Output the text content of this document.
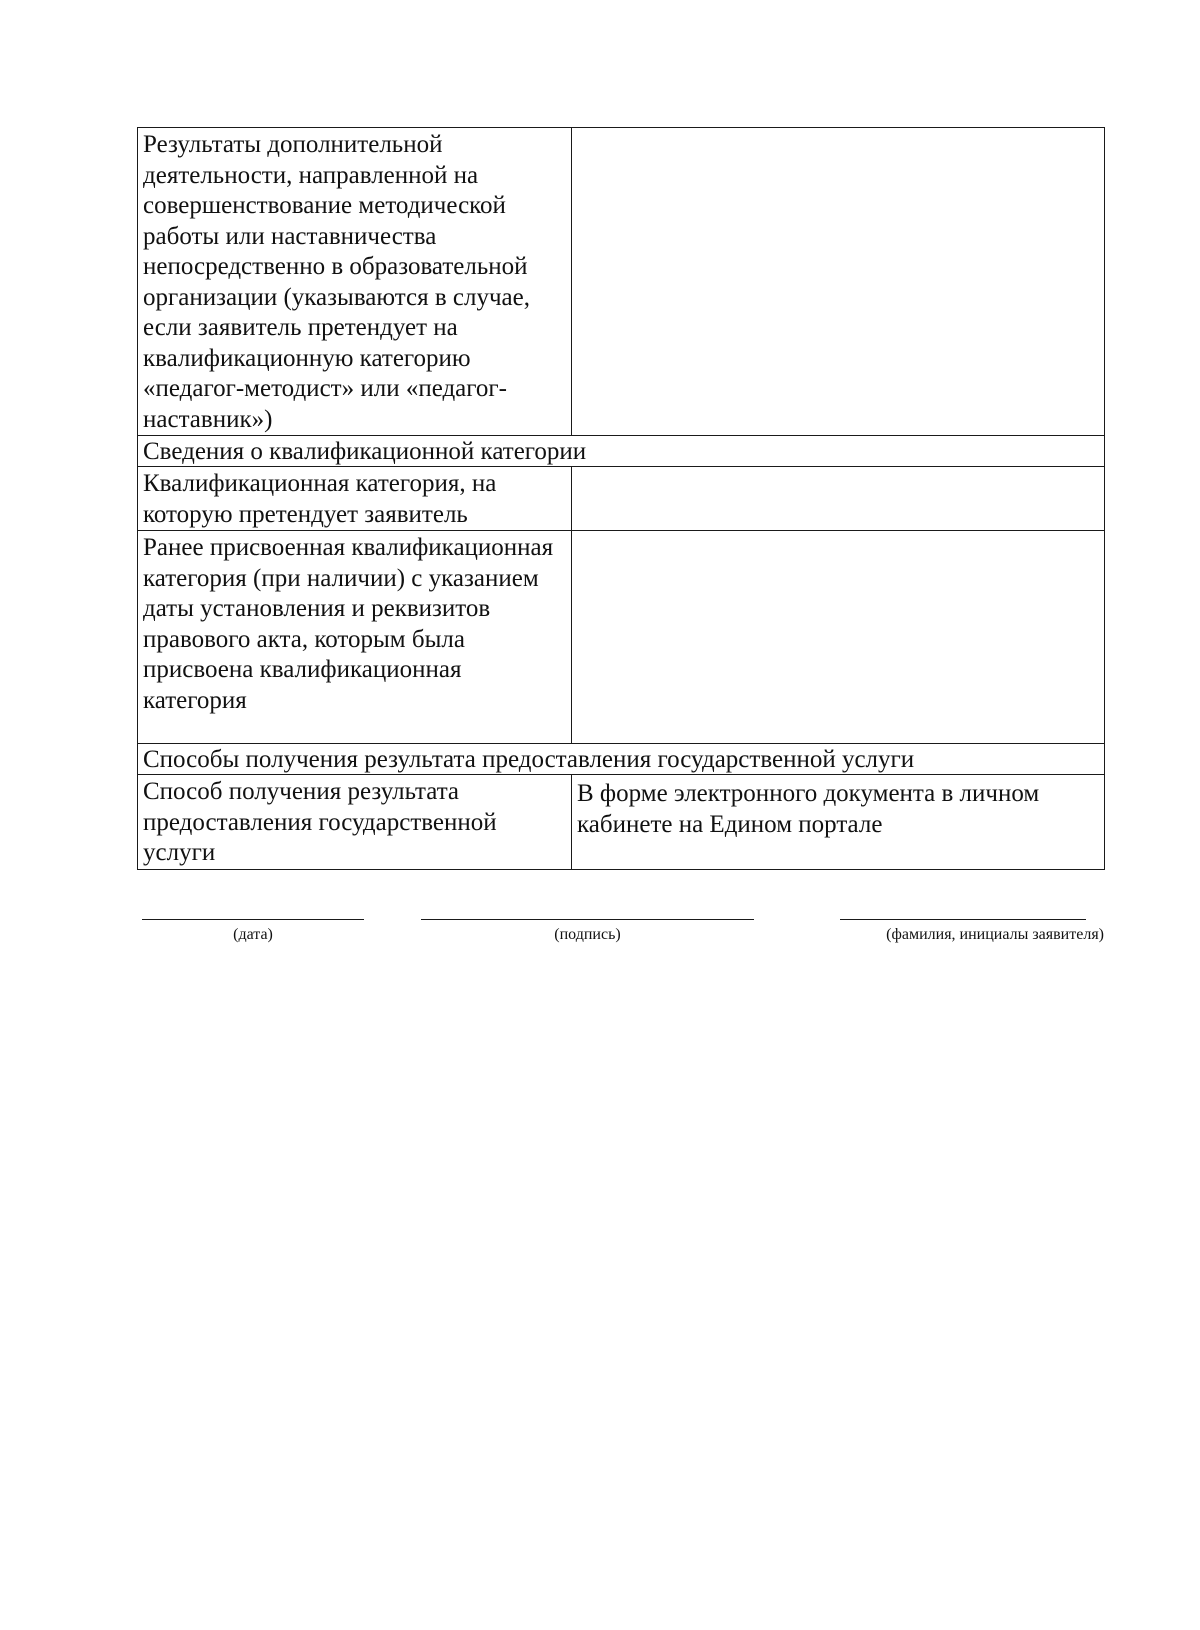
Результаты дополнительной деятельности, направленной на совершенствование методической работы или наставничества непосредственно в образовательной организации (указываются в случае, если заявитель претендует на квалификационную категорию «педагог-методист» или «педагог-наставник»)	
Сведения о квалификационной категории	
Квалификационная категория, на которую претендует заявитель	
Ранее присвоенная квалификационная категория (при наличии) с указанием даты установления и реквизитов правового акта, которым была присвоена квалификационная категория	
Способы получения результата предоставления государственной услуги	
Способ получения результата предоставления государственной услуги	В форме электронного документа в личном кабинете на Едином портале
(дата)	(подпись)	(фамилия, инициалы заявителя)
